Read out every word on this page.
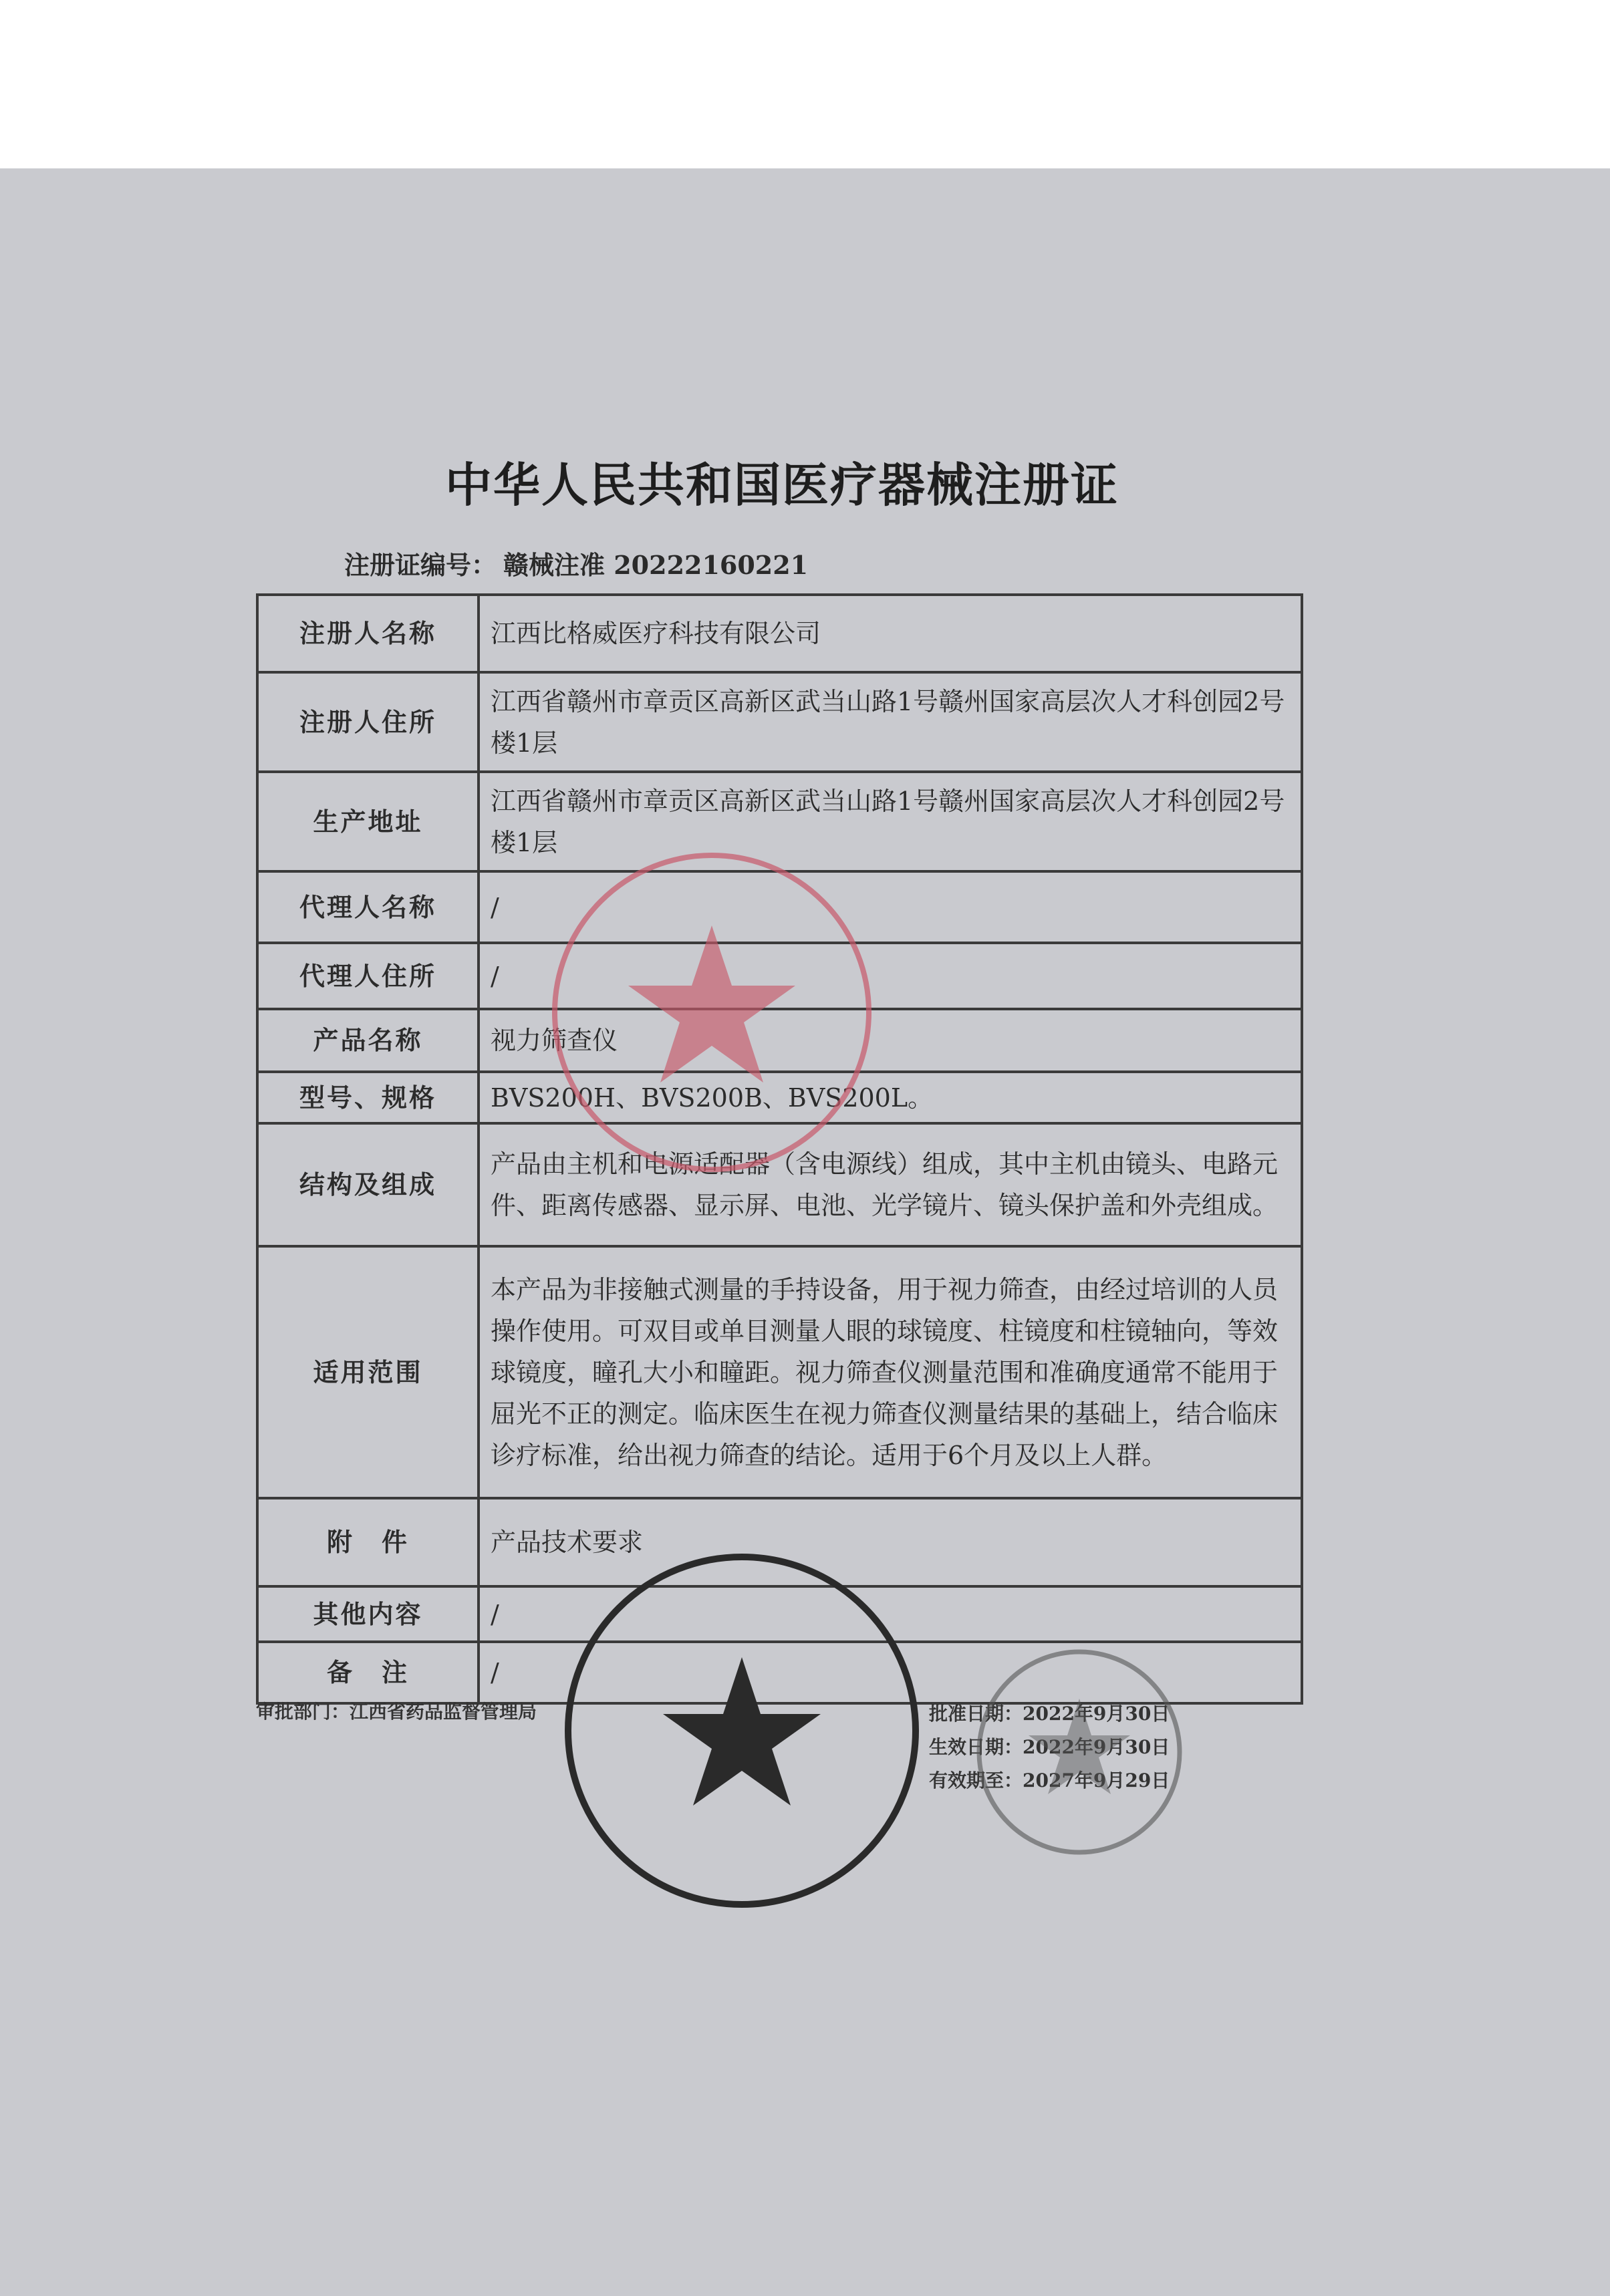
中华人民共和国医疗器械注册证
注册证编号： 赣械注准 20222160221
注册人名称	江西比格威医疗科技有限公司
注册人住所	江西省赣州市章贡区高新区武当山路1号赣州国家高层次人才科创园2号楼1层
生产地址	江西省赣州市章贡区高新区武当山路1号赣州国家高层次人才科创园2号楼1层
代理人名称	/
代理人住所	/
产品名称	视力筛查仪
型号、规格	BVS200H、BVS200B、BVS200L。
结构及组成	产品由主机和电源适配器（含电源线）组成，其中主机由镜头、电路元件、距离传感器、显示屏、电池、光学镜片、镜头保护盖和外壳组成。
适用范围	本产品为非接触式测量的手持设备，用于视力筛查，由经过培训的人员操作使用。可双目或单目测量人眼的球镜度、柱镜度和柱镜轴向，等效球镜度，瞳孔大小和瞳距。视力筛查仪测量范围和准确度通常不能用于屈光不正的测定。临床医生在视力筛查仪测量结果的基础上，结合临床诊疗标准，给出视力筛查的结论。适用于6个月及以上人群。
附　件	产品技术要求
其他内容	/
备　注	/
审批部门：江西省药品监督管理局	批准日期：2022年9月30日
生效日期：2022年9月30日
有效期至：2027年9月29日
